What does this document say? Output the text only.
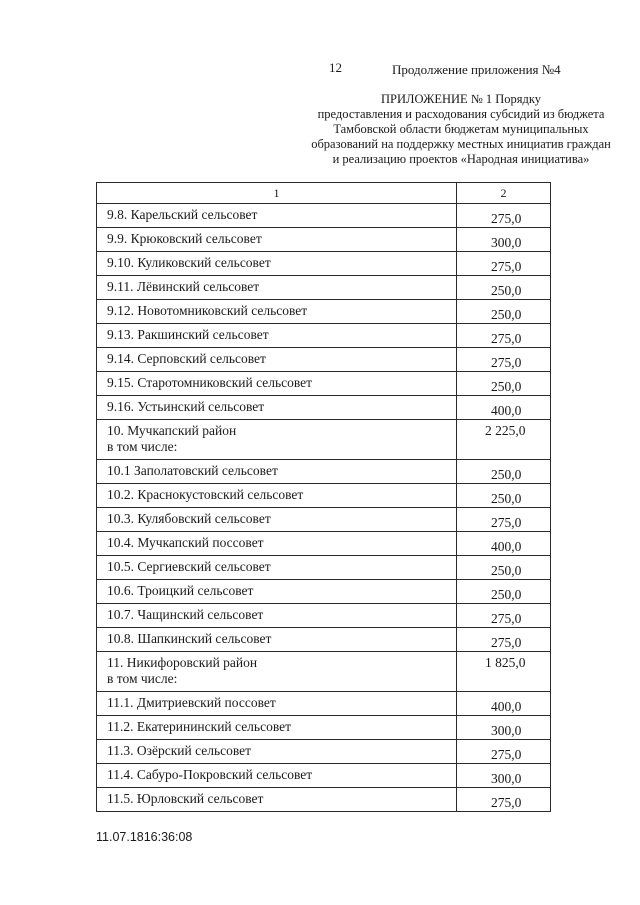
12	Продолжение приложения №4
ПРИЛОЖЕНИЕ № 1 Порядку
предоставления и расходования субсидий из бюджета
Тамбовской области бюджетам муниципальных
образований на поддержку местных инициатив граждан
и реализацию проектов «Народная инициатива»
1	2

9.8. Карельский сельсовет	275,0

9.9. Крюковский сельсовет	300,0

9.10. Куликовский сельсовет	275,0

9.11. Лёвинский сельсовет	250,0

9.12. Новотомниковский сельсовет	250,0

9.13. Ракшинский сельсовет	275,0

9.14. Серповский сельсовет	275,0

9.15. Старотомниковский сельсовет	250,0

9.16. Устьинский сельсовет	400,0

10. Мучкапский район
в том числе:	2 225,0

10.1 Заполатовский сельсовет	250,0

10.2. Краснокустовский сельсовет	250,0

10.3. Кулябовский сельсовет	275,0

10.4. Мучкапский поссовет	400,0

10.5. Сергиевский сельсовет	250,0

10.6. Троицкий сельсовет	250,0

10.7. Чащинский сельсовет	275,0

10.8. Шапкинский сельсовет	275,0

11. Никифоровский район
в том числе:	1 825,0

11.1. Дмитриевский поссовет	400,0

11.2. Екатерининский сельсовет	300,0

11.3. Озёрский сельсовет	275,0

11.4. Сабуро-Покровский сельсовет	300,0

11.5. Юрловский сельсовет	275,0
11.07.1816:36:08
